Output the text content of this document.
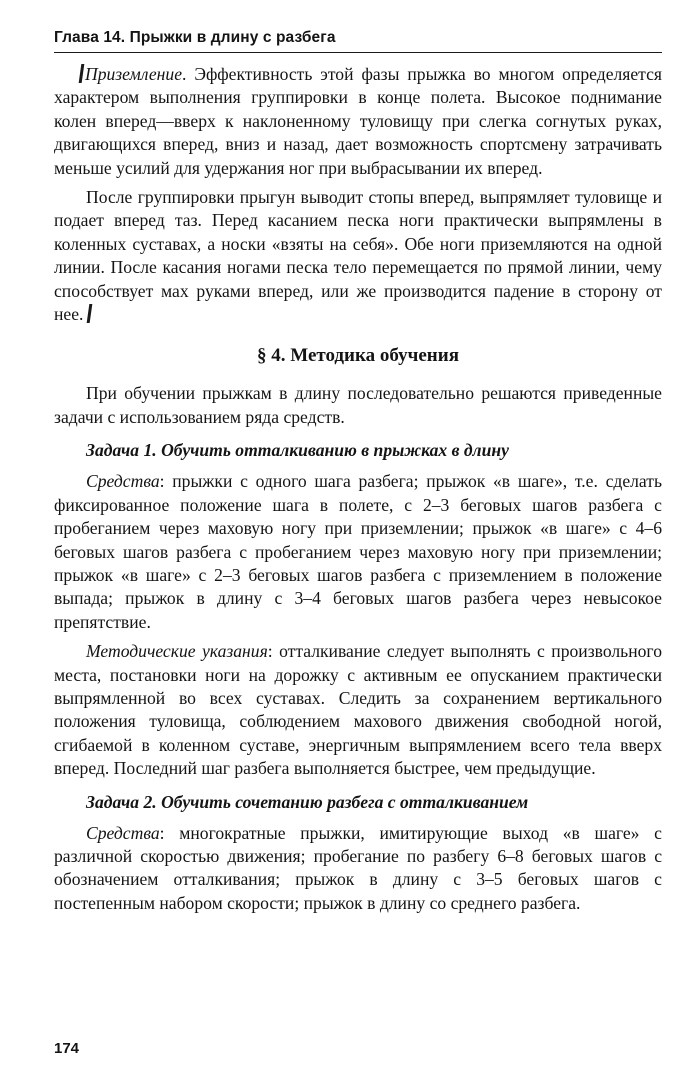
Глава 14. Прыжки в длину с разбега

Приземление. Эффективность этой фазы прыжка во многом определяется характером выполнения группировки в конце полета. Высокое поднимание колен вперед—вверх к наклоненному туловищу при слегка согнутых руках, двигающихся вперед, вниз и назад, дает возможность спортсмену затрачивать меньше усилий для удержания ног при выбрасывании их вперед.

После группировки прыгун выводит стопы вперед, выпрямляет туловище и подает вперед таз. Перед касанием песка ноги практически выпрямлены в коленных суставах, а носки «взяты на себя». Обе ноги приземляются на одной линии. После касания ногами песка тело перемещается по прямой линии, чему способствует мах руками вперед, или же производится падение в сторону от нее.

§ 4. Методика обучения

При обучении прыжкам в длину последовательно решаются приведенные задачи с использованием ряда средств.

Задача 1. Обучить отталкиванию в прыжках в длину

Средства: прыжки с одного шага разбега; прыжок «в шаге», т.е. сделать фиксированное положение шага в полете, с 2–3 беговых шагов разбега с пробеганием через маховую ногу при приземлении; прыжок «в шаге» с 4–6 беговых шагов разбега с пробеганием через маховую ногу при приземлении; прыжок «в шаге» с 2–3 беговых шагов разбега с приземлением в положение выпада; прыжок в длину с 3–4 беговых шагов разбега через невысокое препятствие.

Методические указания: отталкивание следует выполнять с произвольного места, постановки ноги на дорожку с активным ее опусканием практически выпрямленной во всех суставах. Следить за сохранением вертикального положения туловища, соблюдением махового движения свободной ногой, сгибаемой в коленном суставе, энергичным выпрямлением всего тела вверх вперед. Последний шаг разбега выполняется быстрее, чем предыдущие.

Задача 2. Обучить сочетанию разбега с отталкиванием

Средства: многократные прыжки, имитирующие выход «в шаге» с различной скоростью движения; пробегание по разбегу 6–8 беговых шагов с обозначением отталкивания; прыжок в длину с 3–5 беговых шагов с постепенным набором скорости; прыжок в длину со среднего разбега.

174
